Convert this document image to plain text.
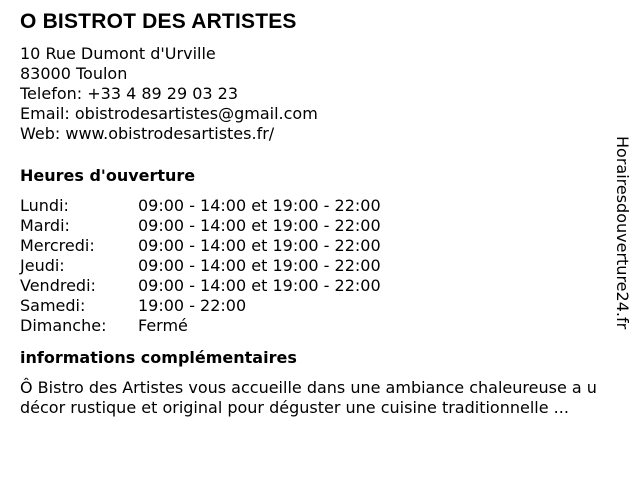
O BISTROT DES ARTISTES
10 Rue Dumont d'Urville
83000 Toulon
Telefon: +33 4 89 29 03 23
Email: obistrodesartistes@gmail.com
Web: www.obistrodesartistes.fr/
Heures d'ouverture
Lundi:	09:00 - 14:00 et 19:00 - 22:00
Mardi:	09:00 - 14:00 et 19:00 - 22:00
Mercredi:	09:00 - 14:00 et 19:00 - 22:00
Jeudi:	09:00 - 14:00 et 19:00 - 22:00
Vendredi:	09:00 - 14:00 et 19:00 - 22:00
Samedi:	19:00 - 22:00
Dimanche:	Fermé
informations complémentaires
Ô Bistro des Artistes vous accueille dans une ambiance chaleureuse a u décor rustique et original pour déguster une cuisine traditionnelle ...
Horairesdouverture24.fr
